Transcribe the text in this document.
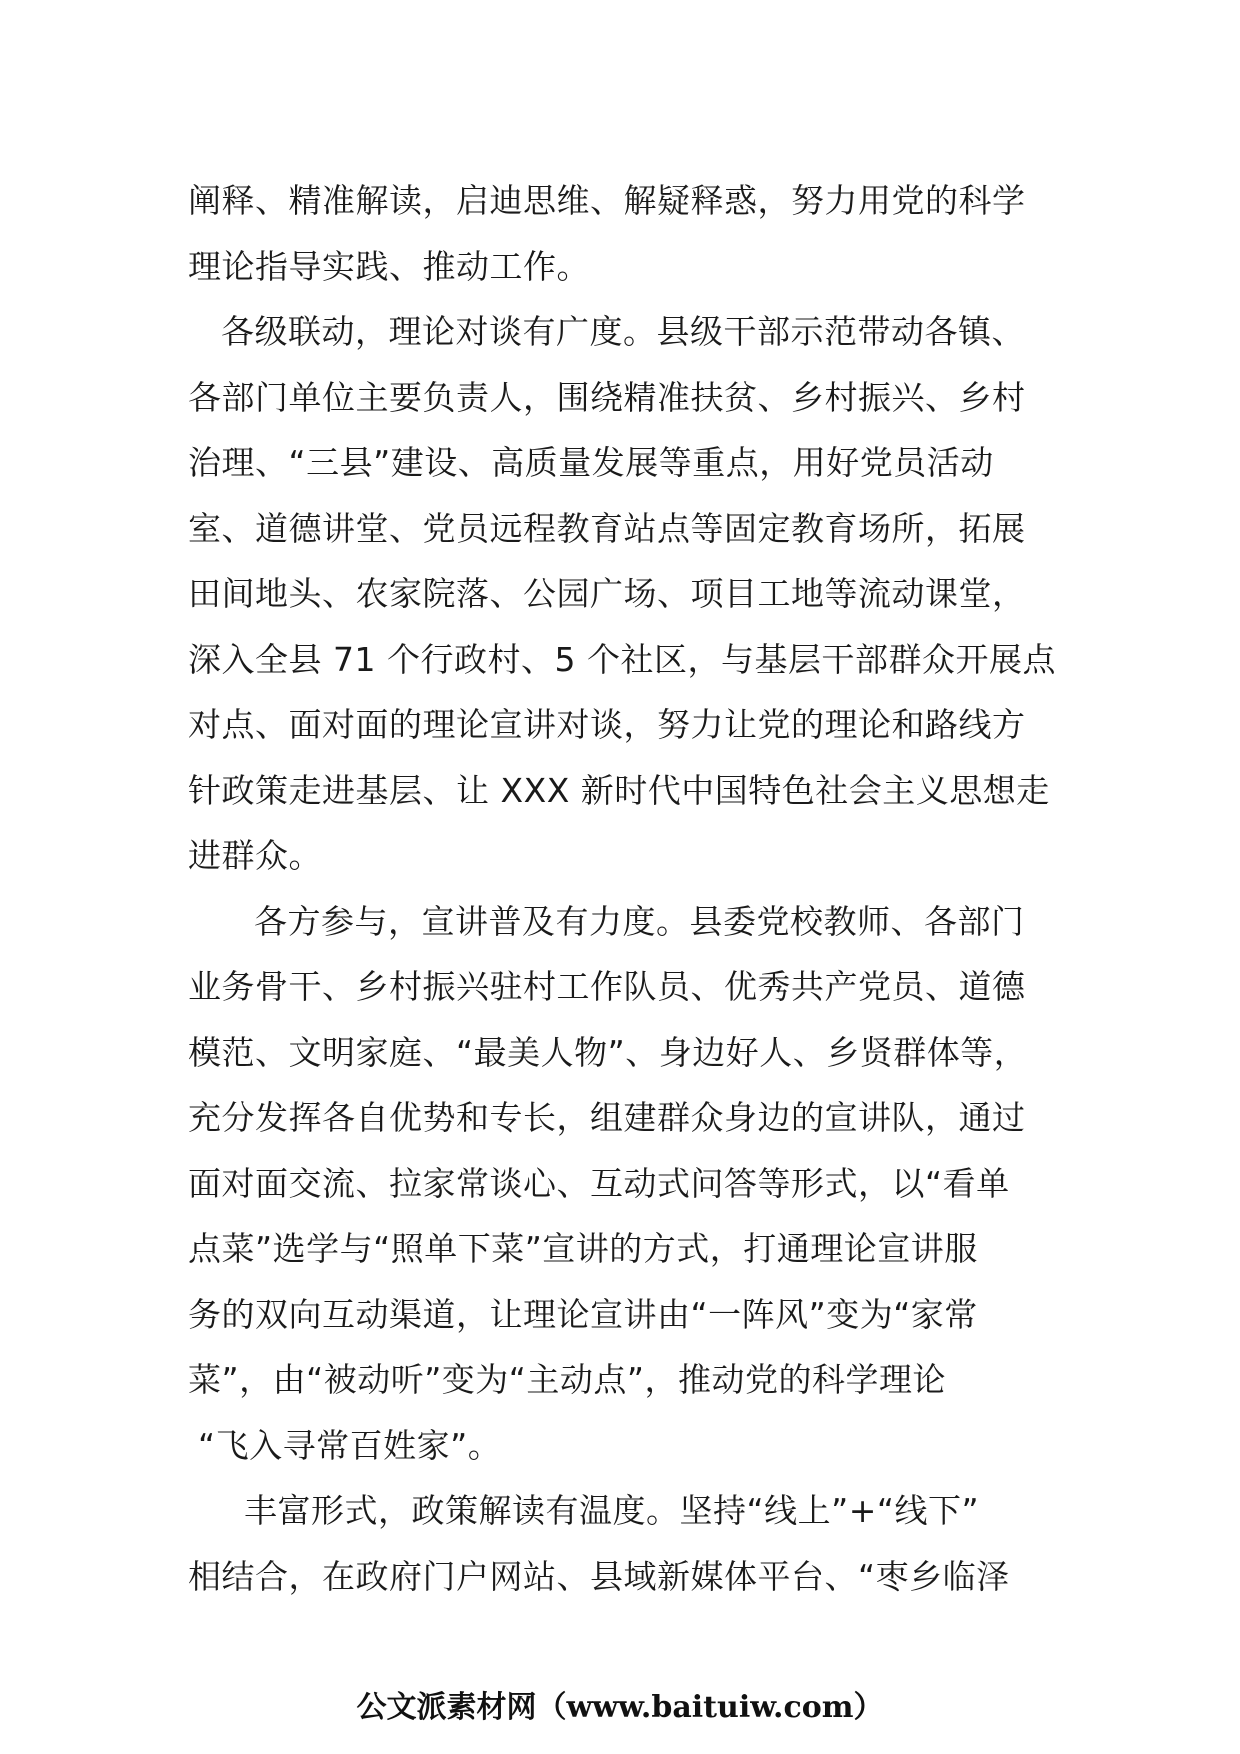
阐释、精准解读，启迪思维、解疑释惑，努力用党的科学
理论指导实践、推动工作。
各级联动，理论对谈有广度。县级干部示范带动各镇、
各部门单位主要负责人，围绕精准扶贫、乡村振兴、乡村
治理、“三县”建设、高质量发展等重点，用好党员活动
室、道德讲堂、党员远程教育站点等固定教育场所，拓展
田间地头、农家院落、公园广场、项目工地等流动课堂，
深入全县 71 个行政村、5 个社区，与基层干部群众开展点
对点、面对面的理论宣讲对谈，努力让党的理论和路线方
针政策走进基层、让 XXX 新时代中国特色社会主义思想走
进群众。
各方参与，宣讲普及有力度。县委党校教师、各部门
业务骨干、乡村振兴驻村工作队员、优秀共产党员、道德
模范、文明家庭、“最美人物”、身边好人、乡贤群体等，
充分发挥各自优势和专长，组建群众身边的宣讲队，通过
面对面交流、拉家常谈心、互动式问答等形式，以“看单
点菜”选学与“照单下菜”宣讲的方式，打通理论宣讲服
务的双向互动渠道，让理论宣讲由“一阵风”变为“家常
菜”，由“被动听”变为“主动点”，推动党的科学理论
“飞入寻常百姓家”。
丰富形式，政策解读有温度。坚持“线上”+“线下”
相结合，在政府门户网站、县域新媒体平台、“枣乡临泽
公文派素材网（www.baituiw.com）
